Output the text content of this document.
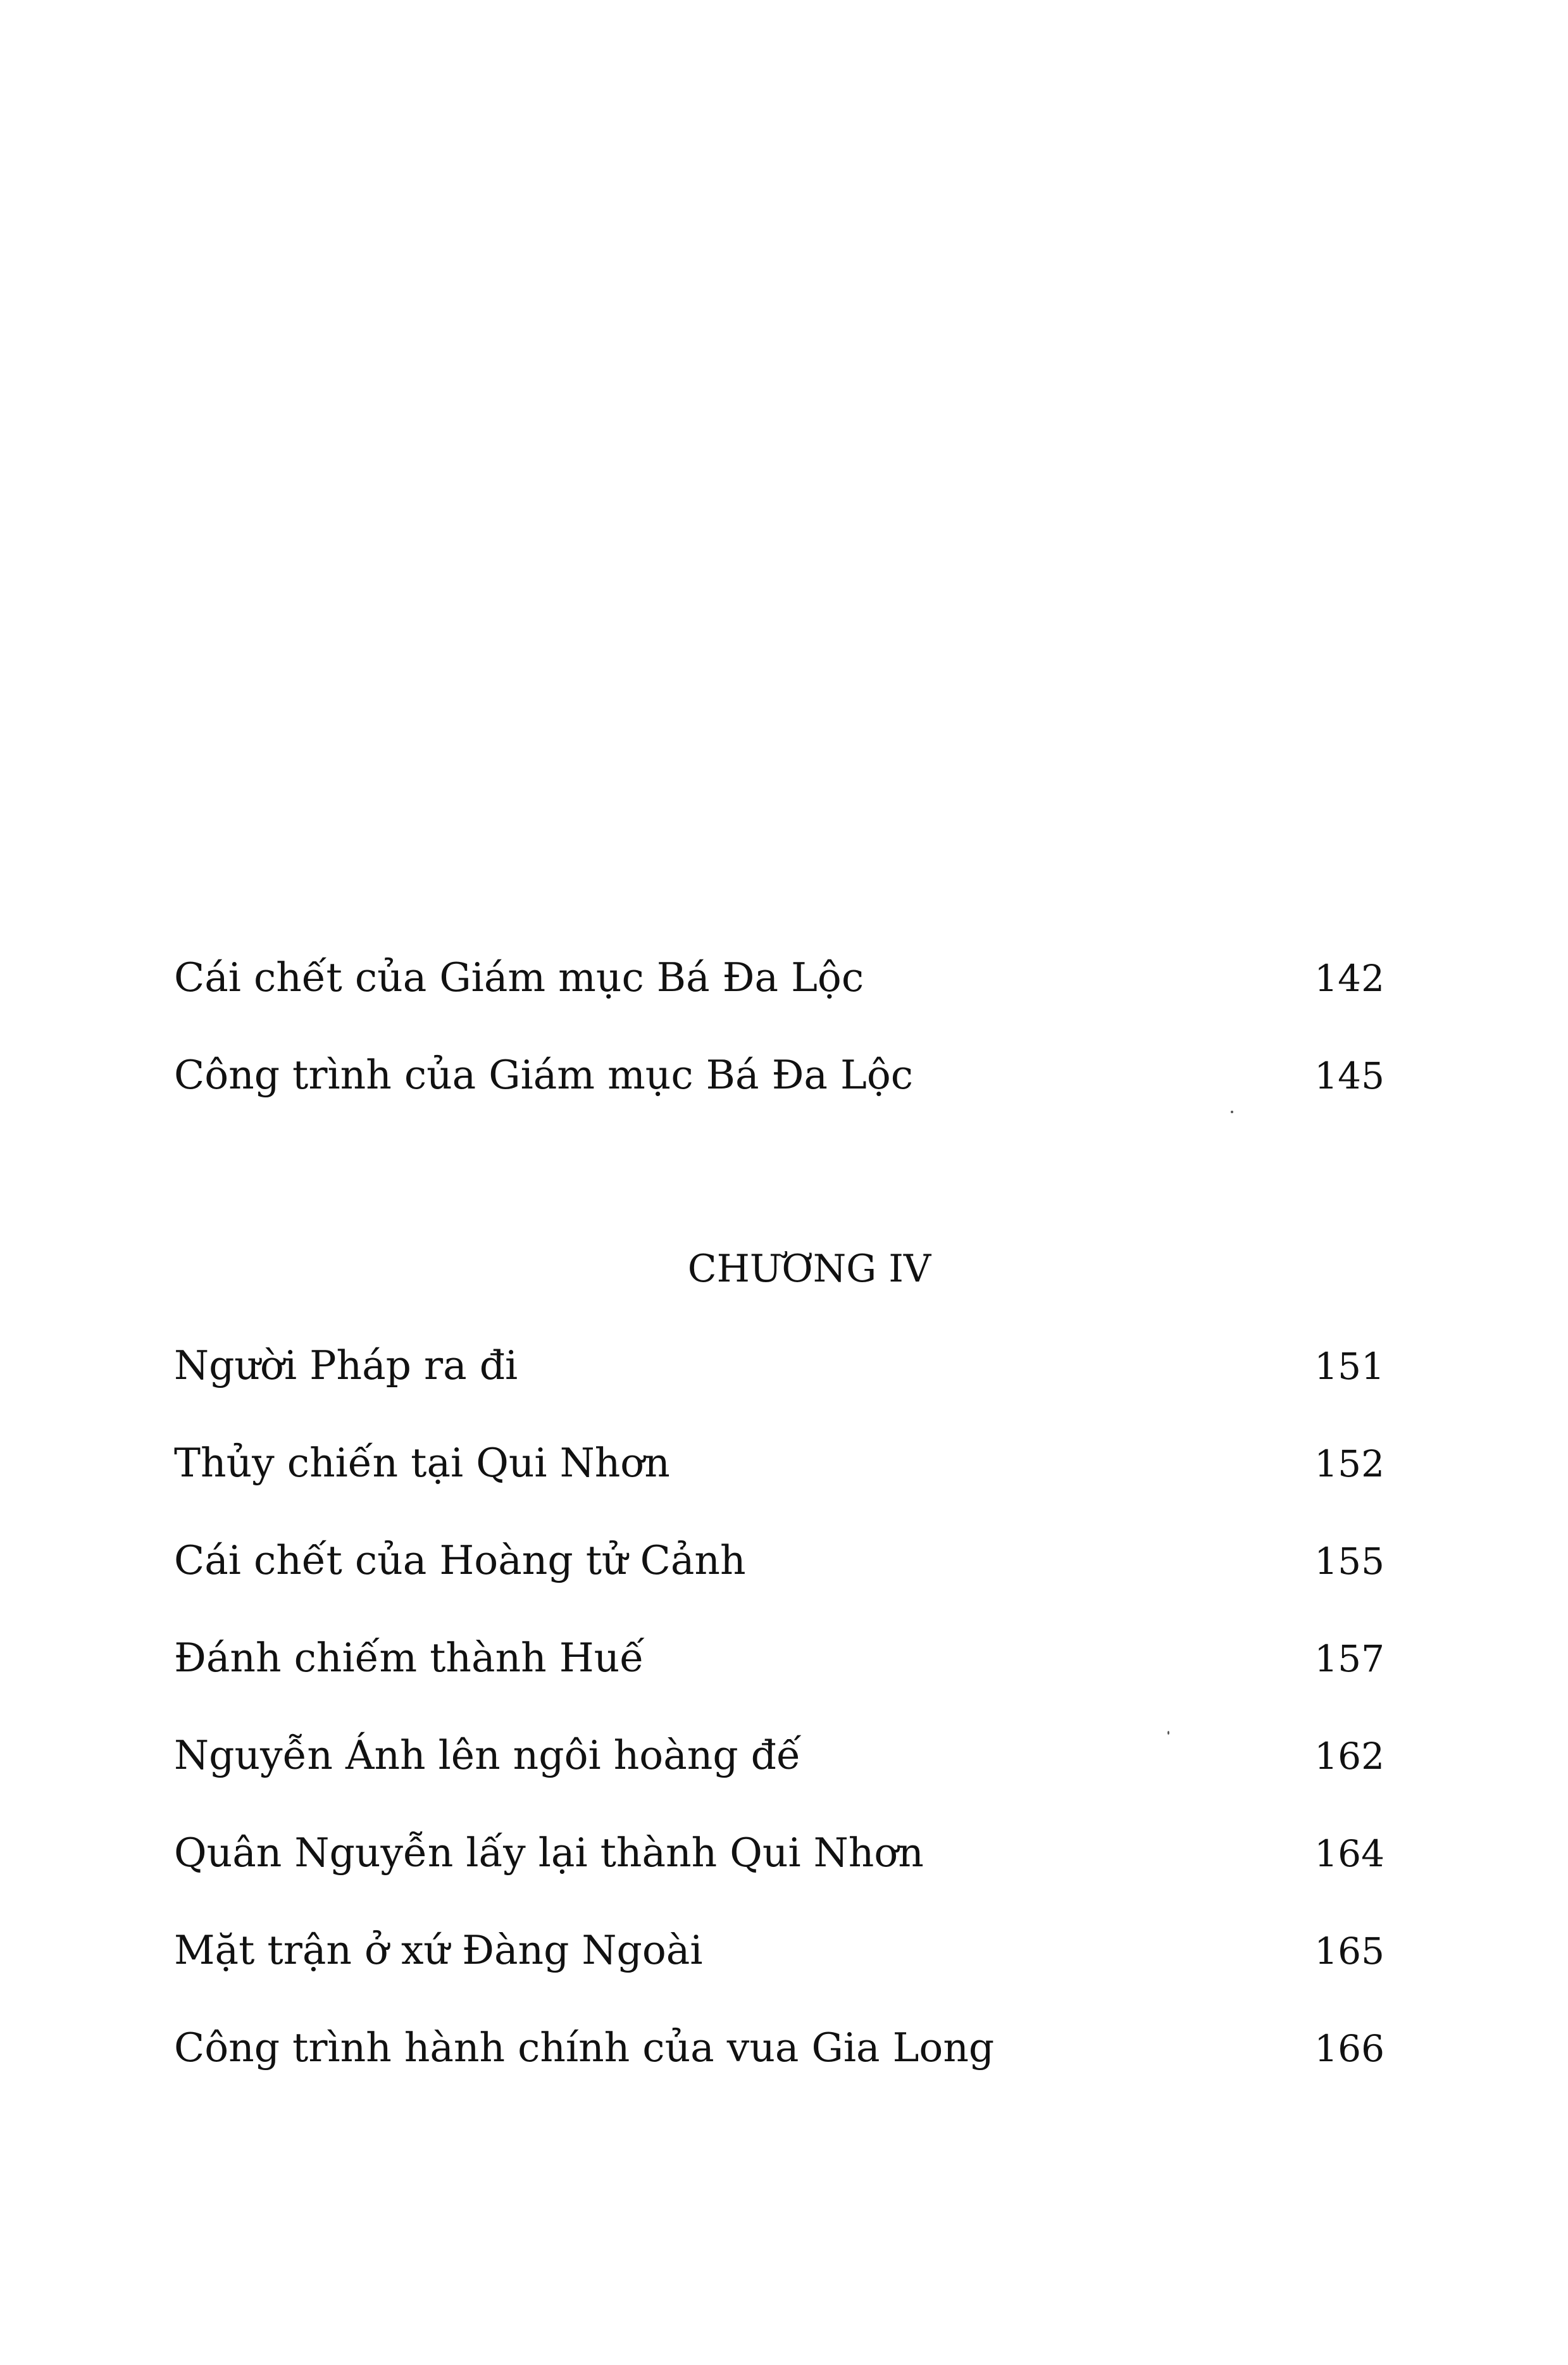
Cái chết của Giám mục Bá Đa Lộc	142
Công trình của Giám mục Bá Đa Lộc	145
CHƯƠNG IV
Người Pháp ra đi	151
Thủy chiến tại Qui Nhơn	152
Cái chết của Hoàng tử Cảnh	155
Đánh chiếm thành Huế	157
Nguyễn Ánh lên ngôi hoàng đế	162
Quân Nguyễn lấy lại thành Qui Nhơn	164
Mặt trận ở xứ Đàng Ngoài	165
Công trình hành chính của vua Gia Long	166
